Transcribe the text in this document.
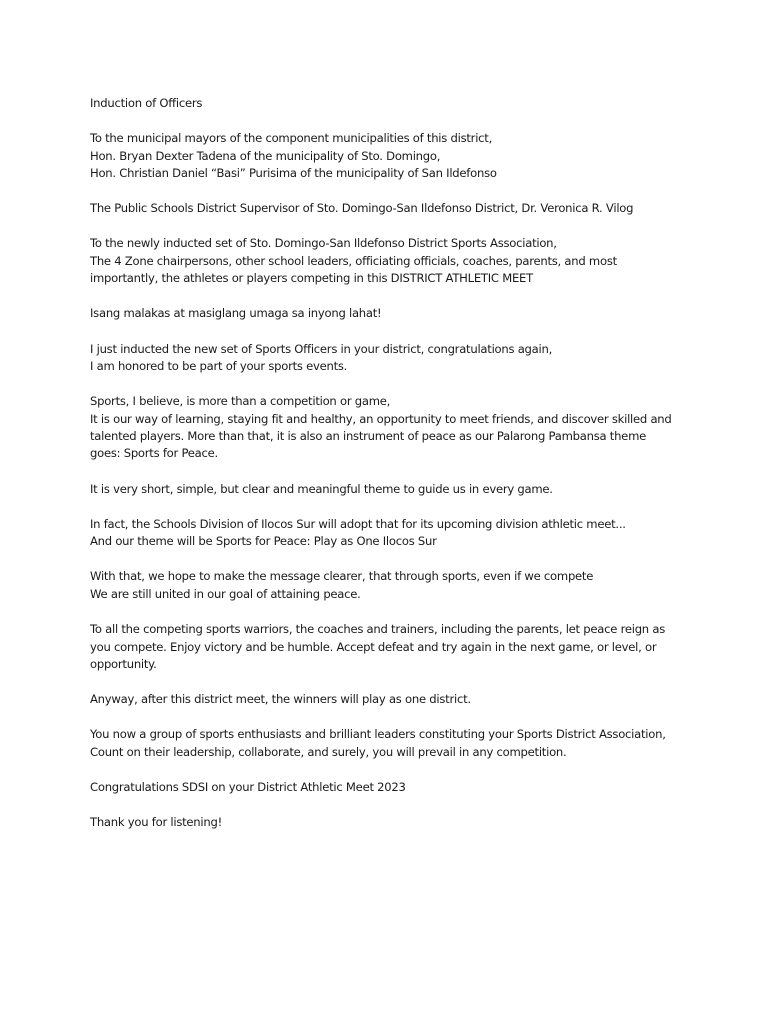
Induction of Officers

To the municipal mayors of the component municipalities of this district,
Hon. Bryan Dexter Tadena of the municipality of Sto. Domingo,
Hon. Christian Daniel “Basi” Purisima of the municipality of San Ildefonso

The Public Schools District Supervisor of Sto. Domingo-San Ildefonso District, Dr. Veronica R. Vilog

To the newly inducted set of Sto. Domingo-San Ildefonso District Sports Association,
The 4 Zone chairpersons, other school leaders, officiating officials, coaches, parents, and most
importantly, the athletes or players competing in this DISTRICT ATHLETIC MEET

Isang malakas at masiglang umaga sa inyong lahat!

I just inducted the new set of Sports Officers in your district, congratulations again,
I am honored to be part of your sports events.

Sports, I believe, is more than a competition or game,
It is our way of learning, staying fit and healthy, an opportunity to meet friends, and discover skilled and
talented players. More than that, it is also an instrument of peace as our Palarong Pambansa theme
goes: Sports for Peace.

It is very short, simple, but clear and meaningful theme to guide us in every game.

In fact, the Schools Division of Ilocos Sur will adopt that for its upcoming division athletic meet...
And our theme will be Sports for Peace: Play as One Ilocos Sur

With that, we hope to make the message clearer, that through sports, even if we compete
We are still united in our goal of attaining peace.

To all the competing sports warriors, the coaches and trainers, including the parents, let peace reign as
you compete. Enjoy victory and be humble. Accept defeat and try again in the next game, or level, or
opportunity.

Anyway, after this district meet, the winners will play as one district.

You now a group of sports enthusiasts and brilliant leaders constituting your Sports District Association,
Count on their leadership, collaborate, and surely, you will prevail in any competition.

Congratulations SDSI on your District Athletic Meet 2023

Thank you for listening!
